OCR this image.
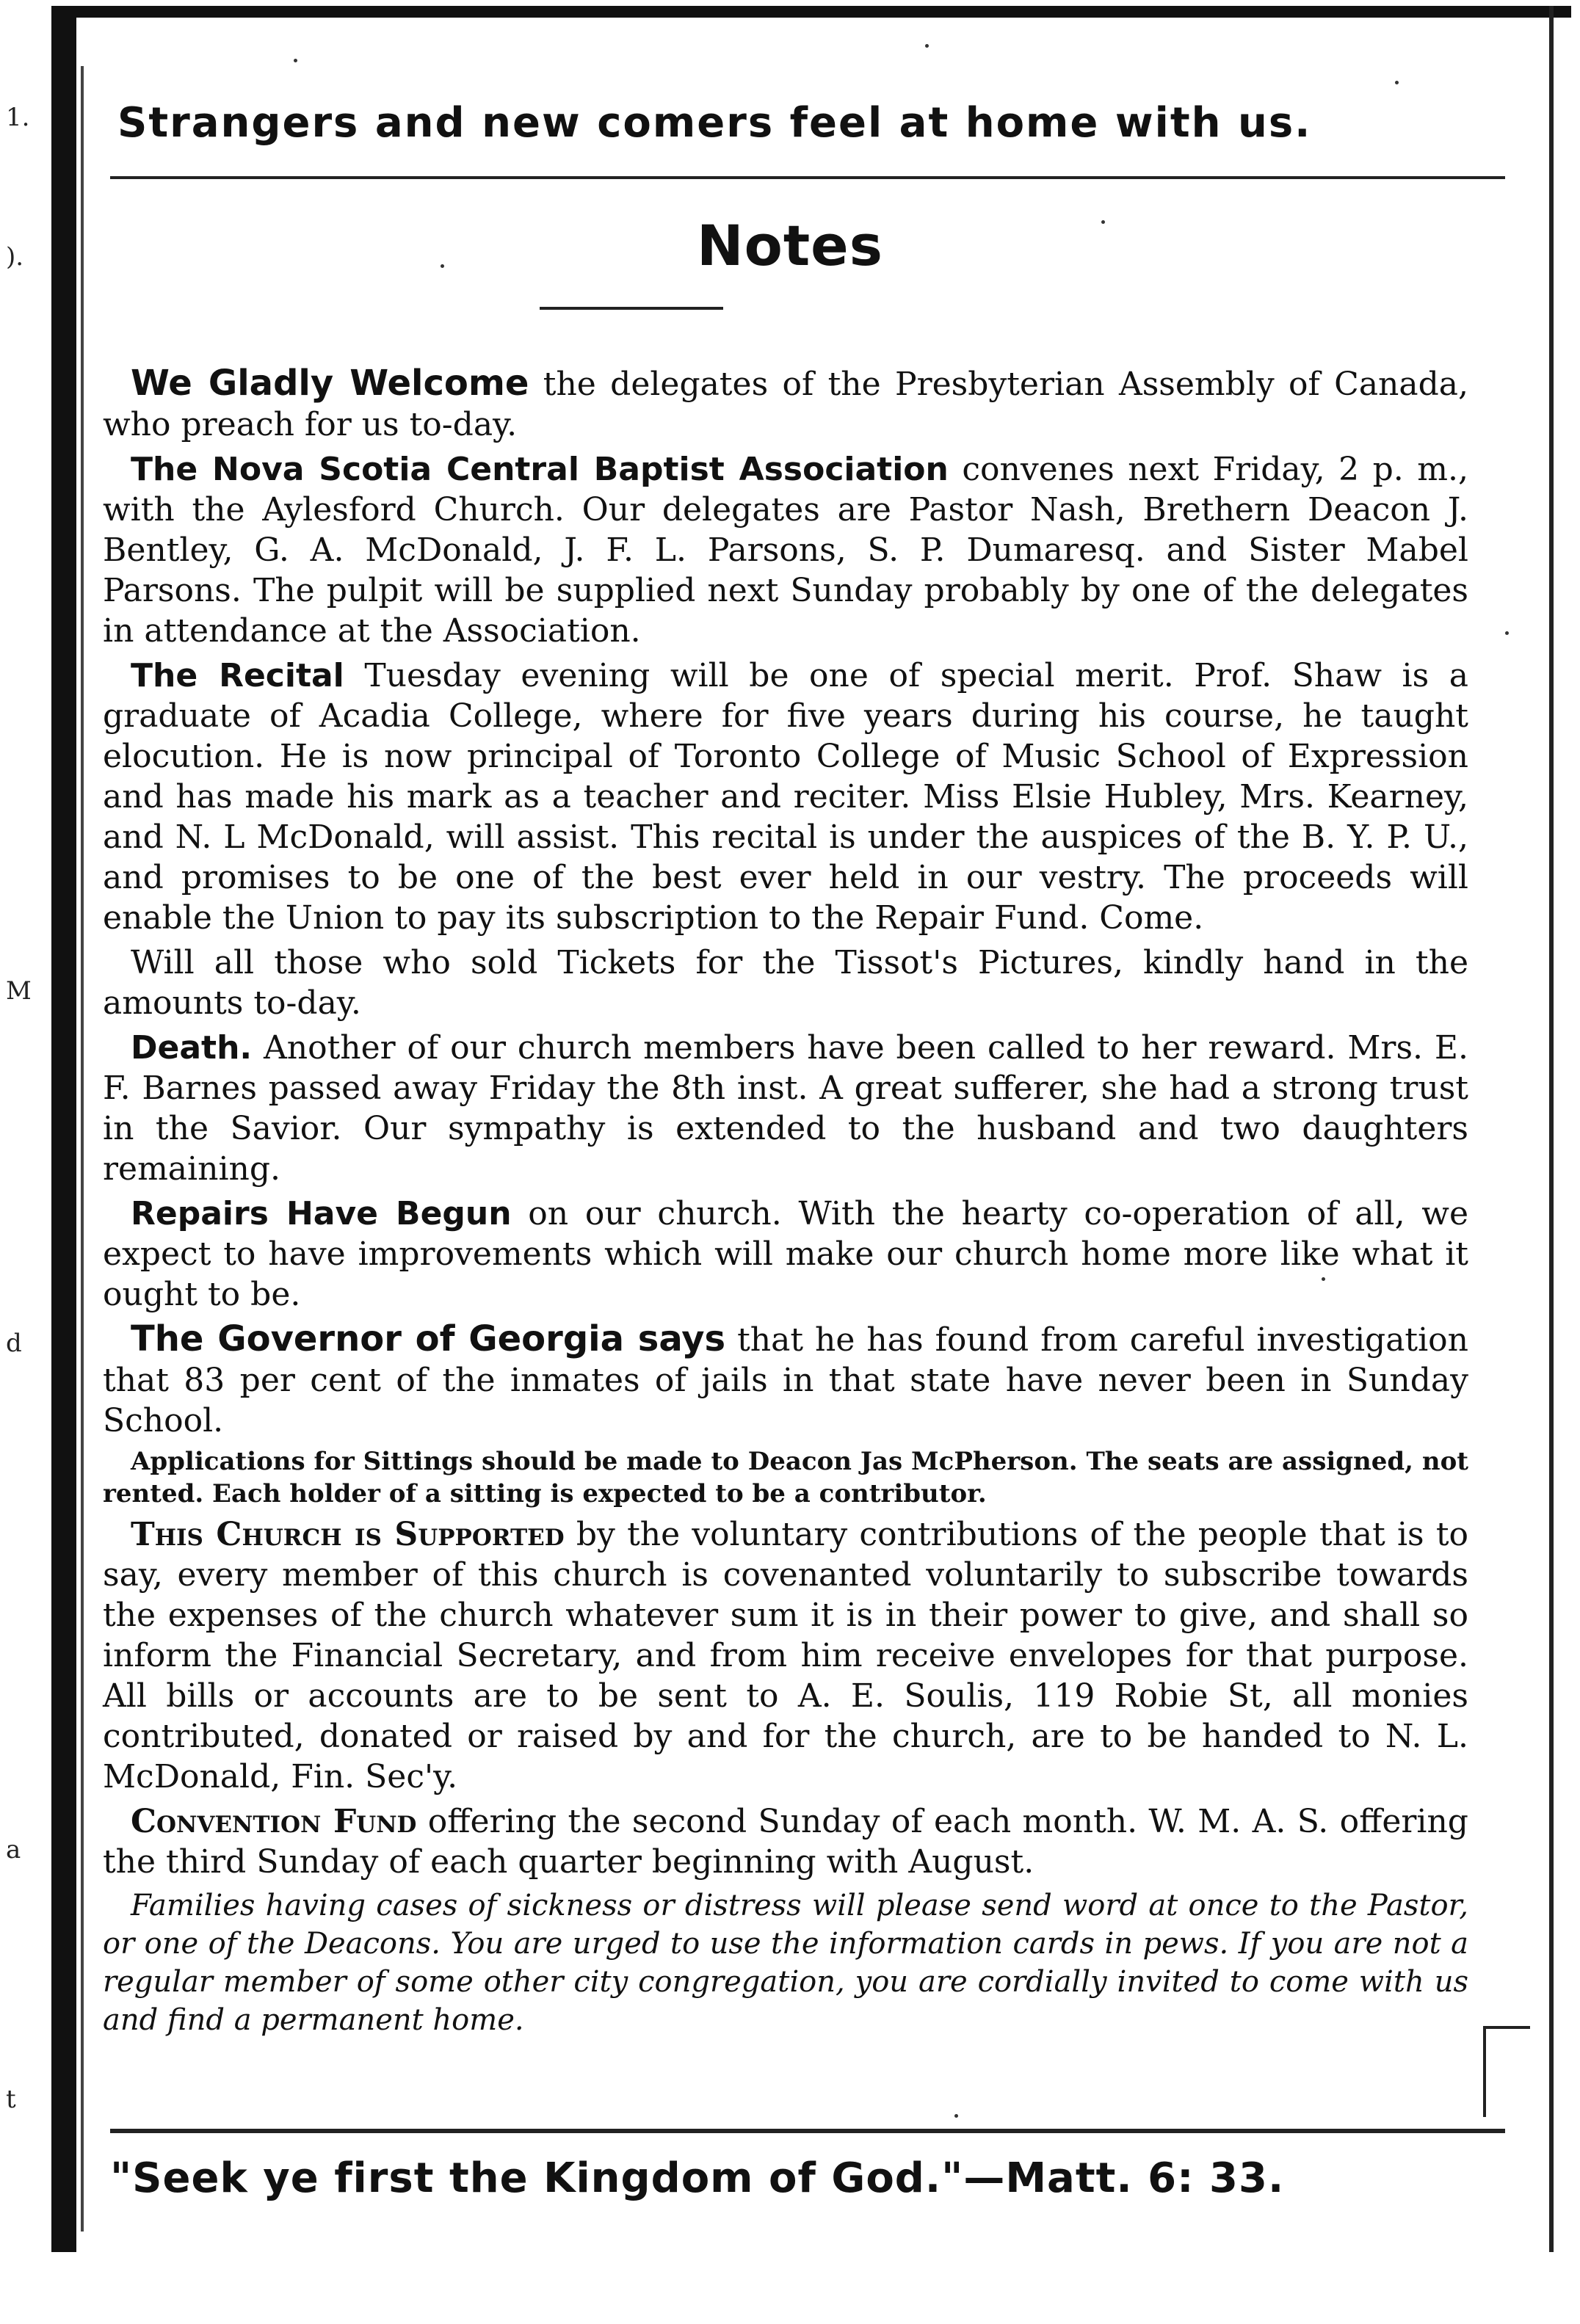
1.
).
M
d
a
t
Strangers and new comers feel at home with us.
Notes

We Gladly Welcome the delegates of the Presbyterian Assembly of Canada, who preach for us to-day.

The Nova Scotia Central Baptist Association convenes next Friday, 2 p. m., with the Aylesford Church. Our delegates are Pastor Nash, Brethern Deacon J. Bentley, G. A. McDonald, J. F. L. Parsons, S. P. Dumaresq. and Sister Mabel Parsons. The pulpit will be supplied next Sunday probably by one of the delegates in attendance at the Association.

The Recital Tuesday evening will be one of special merit. Prof. Shaw is a graduate of Acadia College, where for five years during his course, he taught elocution. He is now principal of Toronto College of Music School of Expression and has made his mark as a teacher and reciter. Miss Elsie Hubley, Mrs. Kearney, and N. L McDonald, will assist. This recital is under the auspices of the B. Y. P. U., and promises to be one of the best ever held in our vestry. The proceeds will enable the Union to pay its subscription to the Repair Fund. Come.

Will all those who sold Tickets for the Tissot's Pictures, kindly hand in the amounts to-day.

Death. Another of our church members have been called to her reward. Mrs. E. F. Barnes passed away Friday the 8th inst. A great sufferer, she had a strong trust in the Savior. Our sympathy is extended to the husband and two daughters remaining.

Repairs Have Begun on our church. With the hearty co-operation of all, we expect to have improvements which will make our church home more like what it ought to be.

The Governor of Georgia says that he has found from careful investigation that 83 per cent of the inmates of jails in that state have never been in Sunday School.

Applications for Sittings should be made to Deacon Jas McPherson. The seats are assigned, not rented. Each holder of a sitting is expected to be a contributor.

This Church is Supported by the voluntary contributions of the people that is to say, every member of this church is covenanted voluntarily to subscribe towards the expenses of the church whatever sum it is in their power to give, and shall so inform the Financial Secretary, and from him receive envelopes for that purpose. All bills or accounts are to be sent to A. E. Soulis, 119 Robie St, all monies contributed, donated or raised by and for the church, are to be handed to N. L. McDonald, Fin. Sec'y.

Convention Fund offering the second Sunday of each month. W. M. A. S. offering the third Sunday of each quarter beginning with August.

Families having cases of sickness or distress will please send word at once to the Pastor, or one of the Deacons. You are urged to use the information cards in pews. If you are not a regular member of some other city congregation, you are cordially invited to come with us and find a permanent home.

"Seek ye first the Kingdom of God."—Matt. 6: 33.
